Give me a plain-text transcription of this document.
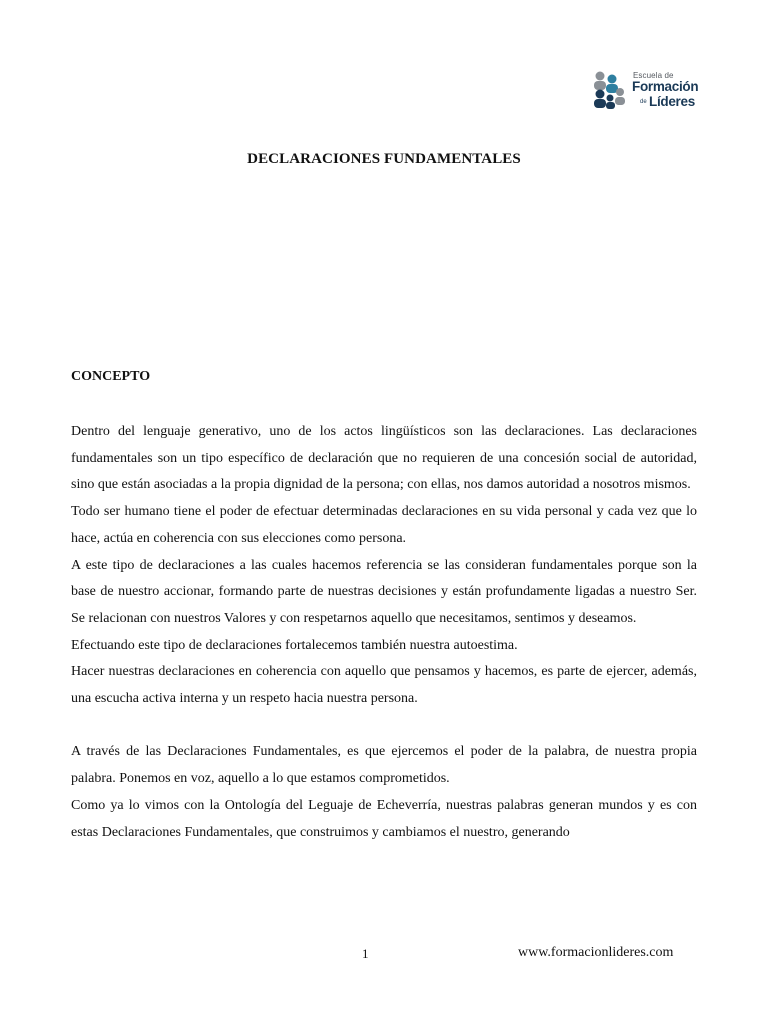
Escuela de
Formación
de Líderes
DECLARACIONES FUNDAMENTALES
CONCEPTO

Dentro del lenguaje generativo, uno de los actos lingüísticos son las declaraciones. Las declaraciones fundamentales son un tipo específico de declaración que no requieren de una concesión social de autoridad, sino que están asociadas a la propia dignidad de la persona; con ellas, nos damos autoridad a nosotros mismos.

Todo ser humano tiene el poder de efectuar determinadas declaraciones en su vida personal y cada vez que lo hace, actúa en coherencia con sus elecciones como persona.

A este tipo de declaraciones a las cuales hacemos referencia se las consideran fundamentales porque son la base de nuestro accionar, formando parte de nuestras decisiones y están profundamente ligadas a nuestro Ser. Se relacionan con nuestros Valores y con respetarnos aquello que necesitamos, sentimos y deseamos.

Efectuando este tipo de declaraciones fortalecemos también nuestra autoestima.

Hacer nuestras declaraciones en coherencia con aquello que pensamos y hacemos, es parte de ejercer, además, una escucha activa interna y un respeto hacia nuestra persona.

A través de las Declaraciones Fundamentales, es que ejercemos el poder de la palabra, de nuestra propia palabra. Ponemos en voz, aquello a lo que estamos comprometidos.

Como ya lo vimos con la Ontología del Leguaje de Echeverría, nuestras palabras generan mundos y es con estas Declaraciones Fundamentales, que construimos y cambiamos el nuestro, generando

1	www.formacionlideres.com
